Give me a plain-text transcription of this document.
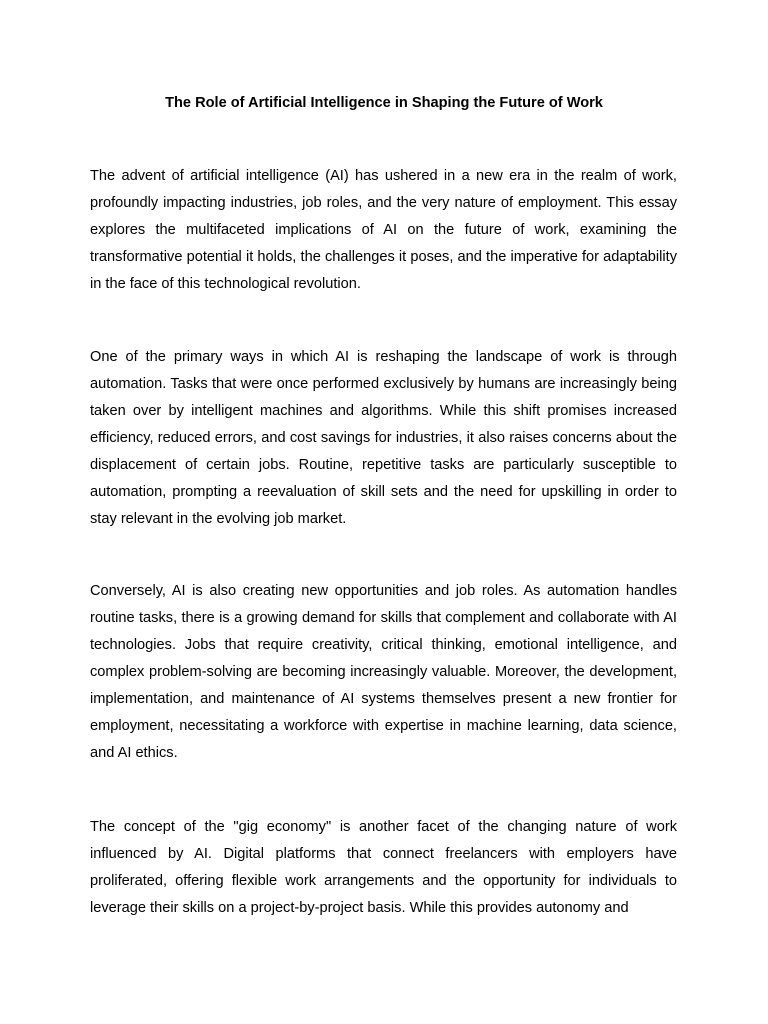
The Role of Artificial Intelligence in Shaping the Future of Work

The advent of artificial intelligence (AI) has ushered in a new era in the realm of work, profoundly impacting industries, job roles, and the very nature of employment. This essay explores the multifaceted implications of AI on the future of work, examining the transformative potential it holds, the challenges it poses, and the imperative for adaptability in the face of this technological revolution.

One of the primary ways in which AI is reshaping the landscape of work is through automation. Tasks that were once performed exclusively by humans are increasingly being taken over by intelligent machines and algorithms. While this shift promises increased efficiency, reduced errors, and cost savings for industries, it also raises concerns about the displacement of certain jobs. Routine, repetitive tasks are particularly susceptible to automation, prompting a reevaluation of skill sets and the need for upskilling in order to stay relevant in the evolving job market.

Conversely, AI is also creating new opportunities and job roles. As automation handles routine tasks, there is a growing demand for skills that complement and collaborate with AI technologies. Jobs that require creativity, critical thinking, emotional intelligence, and complex problem-solving are becoming increasingly valuable. Moreover, the development, implementation, and maintenance of AI systems themselves present a new frontier for employment, necessitating a workforce with expertise in machine learning, data science, and AI ethics.

The concept of the "gig economy" is another facet of the changing nature of work influenced by AI. Digital platforms that connect freelancers with employers have proliferated, offering flexible work arrangements and the opportunity for individuals to leverage their skills on a project-by-project basis. While this provides autonomy and
